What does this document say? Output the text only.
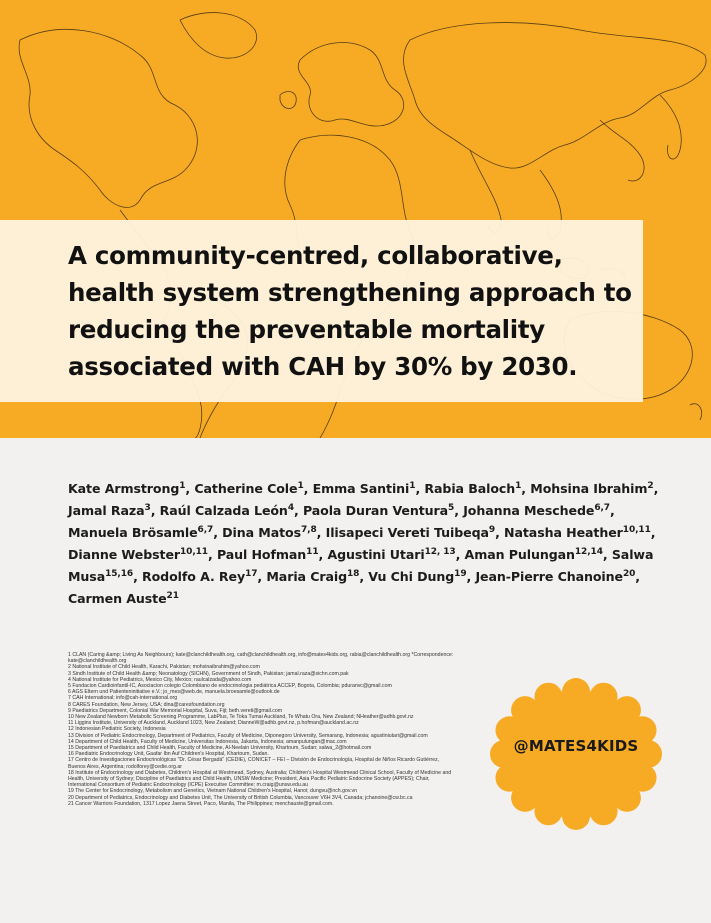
A community-centred, collaborative, health system strengthening approach to reducing the preventable mortality associated with CAH by 30% by 2030.

Kate Armstrong$^1$, Catherine Cole$^1$, Emma Santini$^1$, Rabia Baloch$^1$, Mohsina Ibrahim$^2$, Jamal Raza$^3$, Raúl Calzada León$^4$, Paola Duran Ventura$^5$, Johanna Meschede$^{6,7}$, Manuela Brösamle$^{6,7}$, Dina Matos$^{7,8}$, Ilisapeci Vereti Tuibeqa$^9$, Natasha Heather$^{10,11}$, Dianne Webster$^{10,11}$, Paul Hofman$^{11}$, Agustini Utari$^{12, 13}$, Aman Pulungan$^{12,14}$, Salwa Musa$^{15,16}$, Rodolfo A. Rey$^{17}$, Maria Craig$^{18}$, Vu Chi Dung$^{19}$, Jean-Pierre Chanoine$^{20}$, Carmen Auste$^{21}$

1 CLAN (Caring &amp; Living As Neighbours); kate@clanchildhealth.org, cath@clanchildhealth.org, info@mates4kids.org, rabia@clanchildhealth.org *Correspondence: kate@clanchildhealth.org
2 National Institute of Child Health, Karachi, Pakistan; mohsinaibrahim@yahoo.com
3 Sindh Institute of Child Health &amp; Neonatology (SICHN), Government of Sindh, Pakistan; jamal.raza@sichn.com.pak
4 National Institute for Pediatrics, Mexico City, Mexico; raulcalzada@yahoo.com
5 Fundacion Cardioinfantil-IC, Asociacion colegio Colombiano de endocrinologia pediátrica ACCEP, Bogota, Colombia; pduranvc@gmail.com
6 AGS Eltern und Patienteninitiative e.V.; jo_mes@web.de, manuela.broesamle@outlook.de
7 CAH International; info@cah-international.org
8 CARES Foundation, New Jersey, USA; dina@caresfoundation.org
9 Paediatrics Department, Colonial War Memorial Hospital, Suva, Fiji; beth.vereti@gmail.com
10 New Zealand Newborn Metabolic Screening Programme, LabPlus, Te Toka Tumai Auckland, Te Whatu Ora, New Zealand; NHeather@adhb.govt.nz
11 Liggins Institute, University of Auckland, Auckland 1023, New Zealand; DianneW@adhb.govt.nz, p.hofman@auckland.ac.nz
12 Indonesian Pediatric Society, Indonesia
13 Division of Pediatric Endocrinology, Department of Pediatrics, Faculty of Medicine, Diponegoro University, Semarang, Indonesia; agustiniutari@gmail.com
14 Department of Child Health, Faculty of Medicine, Universitas Indonesia, Jakarta, Indonesia; amanpulungan@mac.com
15 Department of Paediatrics and Child Health, Faculty of Medicine, Al-Neelain University, Khartoum, Sudan; salwa_2@hotmail.com
16 Paediatric Endocrinology Unit, Gaafar Ibn Auf Children's Hospital, Khartoum, Sudan.
17 Centro de Investigaciones Endocrinológicas "Dr. César Bergadá" (CEDIE), CONICET – FEI – División de Endocrinología, Hospital de Niños Ricardo Gutiérrez, Buenos Aires, Argentina; rodolforey@cedie.org.ar
18 Institute of Endocrinology and Diabetes, Children's Hospital at Westmead, Sydney, Australia; Children's Hospital Westmead Clinical School, Faculty of Medicine and Health, University of Sydney; Discipline of Paediatrics and Child Health, UNSW Medicine; President, Asia Pacific Pediatric Endocrine Society (APPES); Chair, International Consortium of Pediatric Endocrinology (ICPE) Executive Committee; m.craig@unsw.edu.au
19 The Center for Endocrinology, Metabolism and Genetics, Vietnam National Children's Hospital, Hanoi; dungvu@nch.gov.vn
20 Department of Pediatrics, Endocrinology and Diabetes Unit, The University of British Columbia, Vancouver V6H 3V4, Canada; jchanoine@cw.bc.ca
21 Cancer Warriors Foundation, 1317 Lopez Jaena Street, Paco, Manila, The Philippines; menchauste@gmail.com.
@MATES4KIDS
